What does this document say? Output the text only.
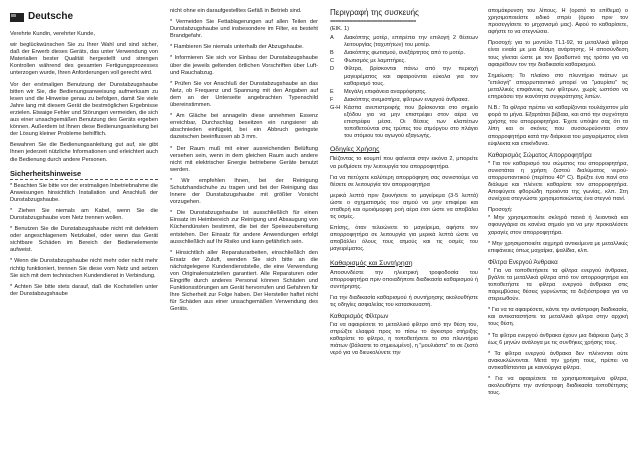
Deutsche

Verehrte Kundin, verehrter Kunde,

wir beglückwünschen Sie zu Ihrer Wahl und sind sicher, daß der Erwerb dieses Geräts, das unter Verwendung von Materialien bester Qualität hergestellt und strengen Kontrollen während des gesamten Fertigungsprozesses unterzogen wurde, Ihren Anforderungen voll gerecht wird.

Vor der erstmaligen Benutzung der Dunstabzugshaube bitten wir Sie, die Bedienungsanweisung aufmerksam zu lesen und die Hinweise genau zu befolgen, damit Sie viele Jahre lang mit diesem Gerät die bestmöglichen Ergebnisse erzielen. Etwaige Fehler und Störungen vermeiden, die sich aus einer unsachgemäßen Benutzung des Geräts ergeben können. Außerdem ist Ihnen diese Bedienungsanleitung bei der Lösung kleiner Probleme behilflich.

Bewahren Sie die Bedienungsanleitung gut auf, sie gibt Ihnen jederzeit nützliche Informationen und erleichtert auch die Bedienung durch andere Personen.

Sicherheitshinweise

* Beachten Sie bitte vor der erstmaligen Inbetriebnahme die Anweisungen hinsichtlich Installation und Anschluß der Dunstabzugshaube.

* Ziehen Sie niemals am Kabel, wenn Sie die Dunstabzugshaube vom Netz trennen wollen.

* Benutzen Sie die Dunstabzugshaube nicht mit defektem oder angeschlagenem Netzkabel, oder wenn das Gerät sichtbare Schäden im Bereich der Bedienelemente aufweist.

* Wenn die Dunstabzugshaube nicht mehr oder nicht mehr richtig funktioniert, trennen Sie diese vom Netz und setzen Sie sich mit dem technischen Kundendienst in Verbindung.

* Achten Sie bitte stets darauf, daß die Kochstellen unter der Dunstabzugshaube

nicht ohne ein daraufgestelltes Gefäß in Betrieb sind.

* Vermeiden Sie Fettablagerungen auf allen Teilen der Dunstabzugshaube und insbesondere im Filter, es besteht Brandgefahr.

* Flambieren Sie niemals unterhalb der Abzugshaube.

* Informieren Sie sich vor Einbau der Dunstabzugshaube über die jeweils geltenden örtlichen Vorschriften über Luft- und Rauchabzug.

* Prüfen Sie vor Anschluß der Dunstabzugshaube an das Netz, ob Frequenz und Spannung mit den Angaben auf dem an der Unterseite angebrachten Typenschild übereinstimmen.

* Am Gläche bei annagelin diese annehmen Essenz erreichbar, Durchschlag beseitzen ein rungsierer ab abschnieden einfügeld, bei ein Abbruch geringste dazwischen beeinflussen ab 3 mm.

* Der Raum muß mit einer ausreichenden Belüftung versehen sein, wenn in dem gleichen Raum auch andere nicht mit elektrischer Energie betriebene Geräte benutzt werden.

* Wir empfehlen Ihnen, bei der Reinigung Schutzhandschuhe zu tragen und bei der Reinigung das Innere der Dunstabzugshaube mit größter Vorsicht vorzugehen.

* Die Dunstabzugshaube ist ausschließlich für einen Einsatz im Heimbereich zur Reinigung und Absaugung von Küchendünsten bestimmt, die bei der Speisezubereitung entstehen. Der Einsatz für andere Anwendungen erfolgt ausschließlich auf Ihr Risiko und kann gefährlich sein.

* Hinsichtlich aller Reparaturarbeiten, einschließlich den Ersatz der Zuluft, wenden Sie sich bitte an die nächstgelegene Kundendienststelle, die eine Verwendung von Originalersatzteilen garantiert. Alle Reparaturen oder Eingriffe durch anderes Personal können Schäden und Funktionsstörungen am Gerät hervorrufen und Gefahren für Ihre Sicherheit zur Folge haben. Der Hersteller haftet nicht für Schäden aus einer unsachgemäßen Verwendung des Geräts.

Περιγραφή της συσκευής
===============================
(ΕΙΚ. 1)
A	Διακόπτης μοτέρ, επιτρέπει την επιλογή 2 θέσεων λειτουργίας (ταχυτήτων) του μοτέρ.
B	Διακόπτης φωτισμού, ανεξάρτητος από το μοτέρ.
C	Φωτισμός με λαμπτήρες.
D	Φίλτρα, βρίσκονται πάνω από την περιοχή μαγειρέματος και αφαιρούνται εύκολα για τον καθαρισμό τους.
E	Μεγάλη επιφάνεια αναρρόφησης.
F	Διακόπτης ανεμιστήρα, φίλτρων ενεργού άνθρακα.
G-H Κάσπα ανεπιστροφής που βρίσκονται στο σημείο εξόδου για να μην επιστρέφει στον αέρα να επιστρέφει μέσα. Οι θέσεις των κλαπέτων τοποθετούνται στις τρύπες του ατμόργου στο πλάγιο του στόμιου του αγωγού εξαγωγής.
Οδηγίες Χρήσης

Πιέζοντας το κουμπί που φαίνεται στην εικόνα 2, μπορείτε να ρυθμίσετε την λειτουργία του απορροφητήρα.

Για να πετύχετε καλύτερη απορρόφηση σας συνιστούμε να θέσετε σε λειτουργία τον απορροφητήρα

μερικά λεπτά πριν ξεκινήσετε το μαγείρεμα (3-5 λεπτά) ώστε ο σχηματισμός του ατμού να μην επιφέρει και σταθερή και ομοιόμορφη ροή αέρα έτσι ώστε να αποβάλει τις οσμές.

Επίσης, όταν τελειώνετε το μαγείρεμα, αφήστε τον απορροφητήρα σε λειτουργία για μερικά λεπτά ώστε να αποβάλλει όλους τους ατμούς και τις οσμές του μαγειρέματος.

Καθαρισμός και Συντήρηση

Αποσυνδέστε την ηλεκτρική τροφοδοσία του απορροφητήρα πριν οποιαδήποτε διαδικασία καθαρισμού ή συντήρησης.

Για την διαδικασία καθαρισμού ή συντήρησης ακολουθήστε τις οδηγίες ασφαλείας του κατασκευαστή.

Καθαρισμός Φίλτρων

Για να αφαιρέσετε το μεταλλικό φίλτρο από την θέση του, σπρώξτε ελαφρά προς το πίσω το άγκιστρο στήριξης καθαρίστε το φίλτρο, η τοποθετήσετε το στο πλυντήριο πιάτων (βάλαστε το σημειωμένο), η "μουλιάστε" το σε ζεστό νερό για να διευκολύνετε την

απομάκρυνση του λίπους. Η (ορατό το επίθεμα) ο χρησιμοποιείστε ειδικό σπρέι (όμοιο πριν τον προσεγγίσετε το μηχανισμό μας). Αφού το καθαρίσετε, αφήστε το να στεγνώσει.

Προσοχή: για το μοντέλο TL1-92, τα μεταλλικά φίλτρα είναι ενιαία με μια δέσμη ανάρτησης. Η αποσύνδεση τους γίνεται ώστε με τον βραδυπνό της τρόπο για να αφαιρέθουν τον την διαδικασία καθαρισμού.

Σημείωση: Το πλαίσιο στο πλυντήριο πιάτων με "επιλογή" απορρυπαντικό μπορεί να "μαυρίσει" τις μεταλλικές επιφάνειες των φίλτρων, χωρίς ωστόσο να επηρεάσει την ικανότητα συγκράτησης λιπών.

N.B.: Τα φίλτρα πρέπει να καθαρίζονται τουλάχιστον μία φορά το μήνα. Εξαρτάται βέβαια, και από την συχνότητα χρήσης του απορροφητήρα. Έχετε υπόψιν σας ότι τα λίπη και οι σκόνες που συσσωρεύονται στον απορροφητήρα κατά την διάρκεια του μαγειρέματος είναι εύφλεκτα και επικίνδυνα.

Καθαρισμός Σώματος Απορροφητήρα

* Για τον καθαρισμό του σώματος του απορροφητήρα, συνιστάται η χρήση ζεστού διαλύματος νερού-απορρυπαντικού (περίπου 40° C). Βρέξτε ένα πανί στο διάλυμα και πλένετε καθαρίστε τον απορροφητήρα. Αποφύγετε φθορώδη προιόντα της γωνίας, κλπ. Στη συνέχεια στεγνώστε χρησιμοποιώντας ένα στεγνό πανί.

Προσοχή:

* Μην χρησιμοποιείτε σκληρά πανιά ή λειαντικά και σφουγγάρια σε κανένα σημείο για να μην προκαλέσετε χαραγές στον απορροφητήρα.

* Μην χρησιμοποιείτε αιχμηρά αντικείμενα με μεταλλικές επιφάνειες όπως μαχαίρια, ψαλίδια, κλπ.

Φίλτρα Ενεργού Άνθρακα

* Για να τοποθετήσετε τα φίλτρα ενεργού άνθρακα, βγάλτε τα μεταλλικά φίλτρα από τον απορροφητήρα και τοποθετήστε τα φίλτρα ενεργού άνθρακα στις παρεμβύσεις θέσεις γυρνώντας τα δεξιόστροφα για να στερεωθούν.

* Για να τα αφαιρέσετε, κάντε την αντίστροφη διαδικασία, και αντικαταστήστε τα μεταλλικά φίλτρα στην αρχική τους θέση.

* Τα φίλτρα ενεργού άνθρακα έχουν μια διάρκεια ζωής 3 έως 6 μηνών ανάλογα με τις συνθήκες χρήσης τους.

* Τα φίλτρα ενεργού άνθρακα δεν πλένονται ούτε ανακυκλώνονται. Μετά την χρήση τους, πρέπει να αντικαθίστανται με καινούργια φίλτρα.

* Για να αφαιρέσετε τα χρησιμοποιημένα φίλτρα, ακολουθήστε την αντίστροφη διαδικασία τοποθέτησης τους.
